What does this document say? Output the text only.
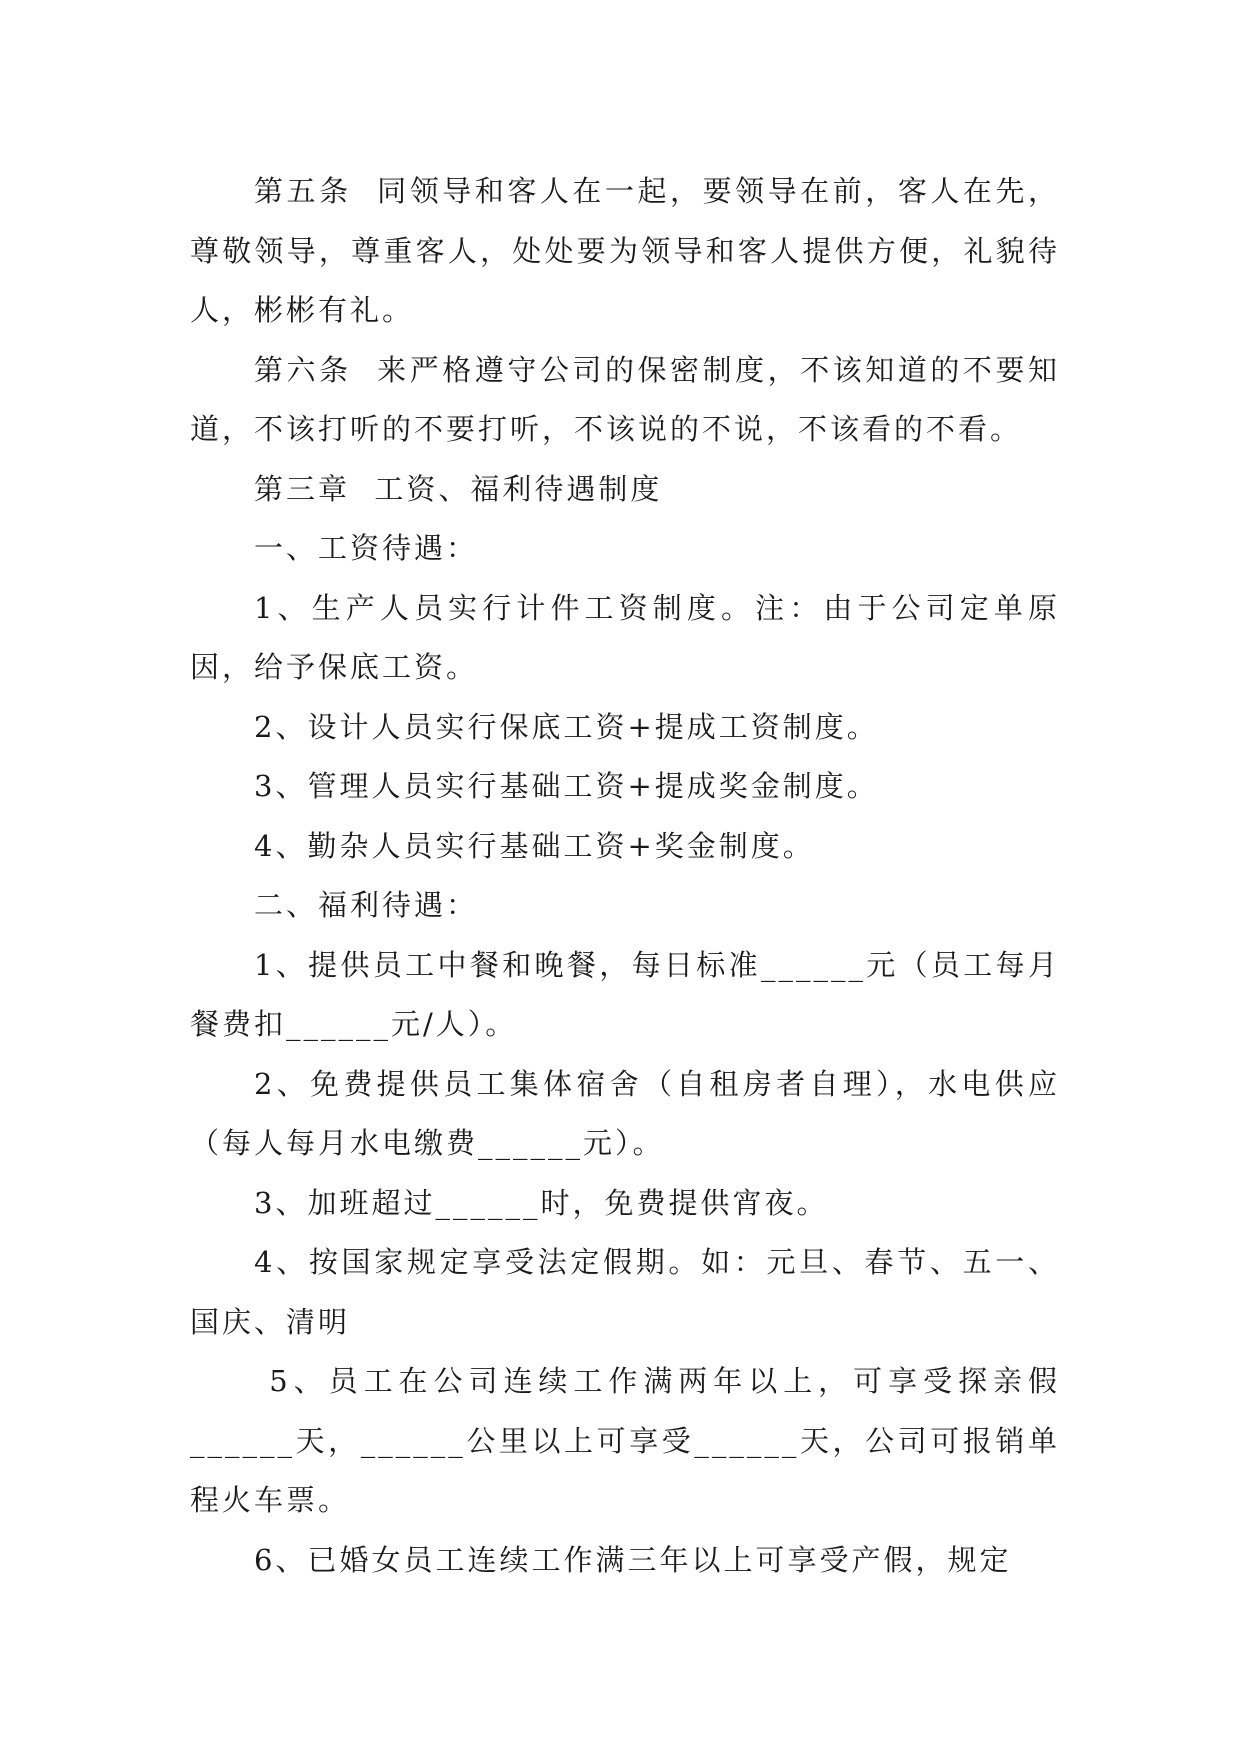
第五条  同领导和客人在一起，要领导在前，客人在先，尊敬领导，尊重客人，处处要为领导和客人提供方便，礼貌待人，彬彬有礼。

第六条  来严格遵守公司的保密制度，不该知道的不要知道，不该打听的不要打听，不该说的不说，不该看的不看。

第三章  工资、福利待遇制度

一、工资待遇：

1、生产人员实行计件工资制度。注：由于公司定单原因，给予保底工资。

2、设计人员实行保底工资+提成工资制度。

3、管理人员实行基础工资+提成奖金制度。

4、勤杂人员实行基础工资+奖金制度。

二、福利待遇：

1、提供员工中餐和晚餐，每日标准______元（员工每月餐费扣______元/人）。

2、免费提供员工集体宿舍（自租房者自理），水电供应（每人每月水电缴费______元）。

3、加班超过______时，免费提供宵夜。

4、按国家规定享受法定假期。如：元旦、春节、五一、国庆、清明

5、员工在公司连续工作满两年以上，可享受探亲假______天，______公里以上可享受______天，公司可报销单程火车票。

6、已婚女员工连续工作满三年以上可享受产假，规定
